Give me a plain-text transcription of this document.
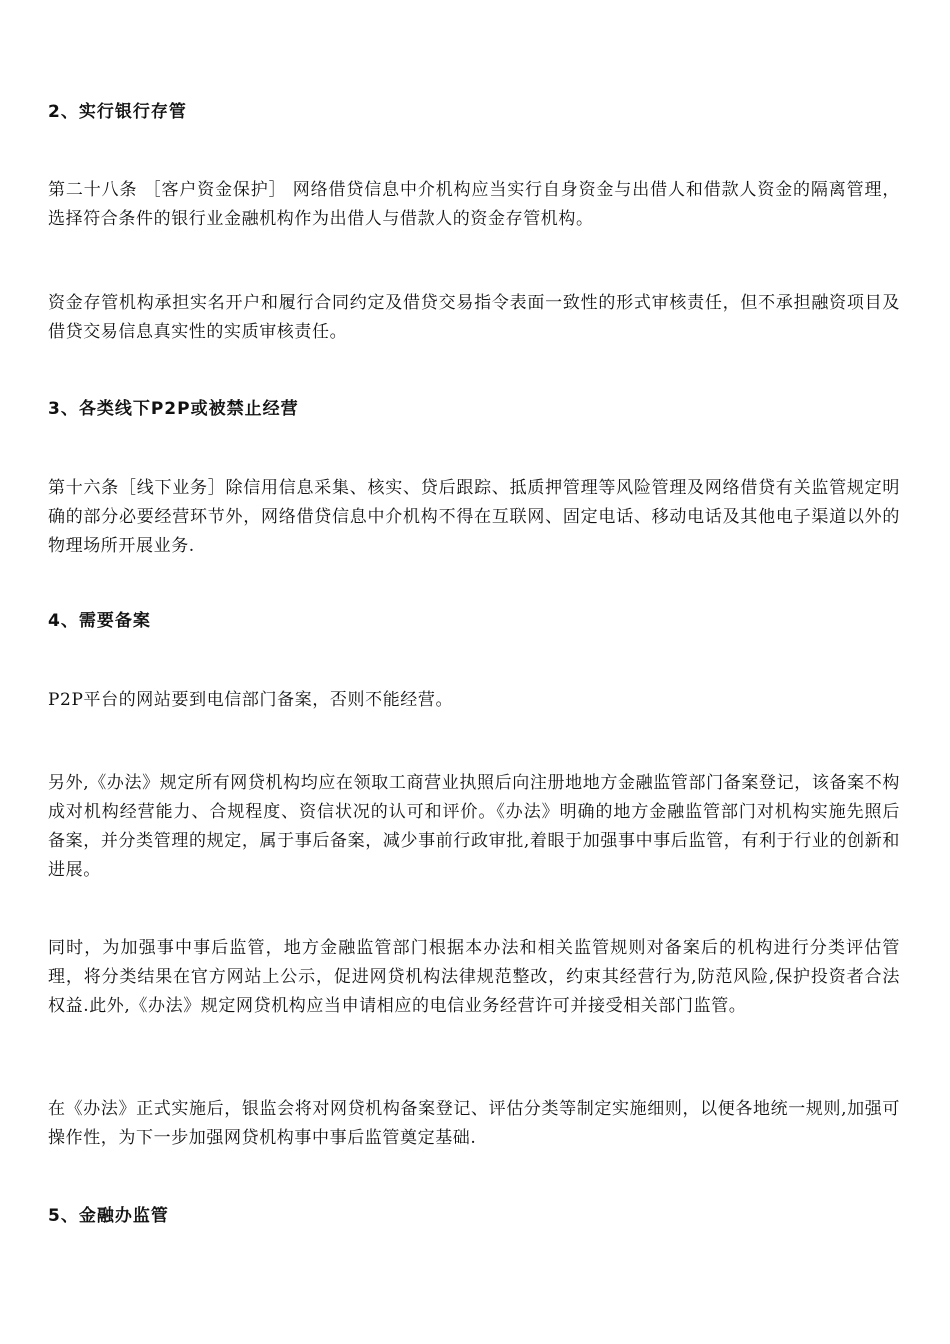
2、实行银行存管

第二十八条 ［客户资金保护］ 网络借贷信息中介机构应当实行自身资金与出借人和借款人资金的隔离管理，选择符合条件的银行业金融机构作为出借人与借款人的资金存管机构。

资金存管机构承担实名开户和履行合同约定及借贷交易指令表面一致性的形式审核责任，但不承担融资项目及借贷交易信息真实性的实质审核责任。

3、各类线下P2P或被禁止经营

第十六条［线下业务］除信用信息采集、核实、贷后跟踪、抵质押管理等风险管理及网络借贷有关监管规定明确的部分必要经营环节外，网络借贷信息中介机构不得在互联网、固定电话、移动电话及其他电子渠道以外的物理场所开展业务.

4、需要备案

P2P平台的网站要到电信部门备案，否则不能经营。

另外,《办法》规定所有网贷机构均应在领取工商营业执照后向注册地地方金融监管部门备案登记，该备案不构成对机构经营能力、合规程度、资信状况的认可和评价。《办法》明确的地方金融监管部门对机构实施先照后备案，并分类管理的规定，属于事后备案，减少事前行政审批,着眼于加强事中事后监管，有利于行业的创新和进展。

同时，为加强事中事后监管，地方金融监管部门根据本办法和相关监管规则对备案后的机构进行分类评估管理，将分类结果在官方网站上公示，促进网贷机构法律规范整改，约束其经营行为,防范风险,保护投资者合法权益.此外,《办法》规定网贷机构应当申请相应的电信业务经营许可并接受相关部门监管。

在《办法》正式实施后，银监会将对网贷机构备案登记、评估分类等制定实施细则，以便各地统一规则,加强可操作性，为下一步加强网贷机构事中事后监管奠定基础.

5、金融办监管
